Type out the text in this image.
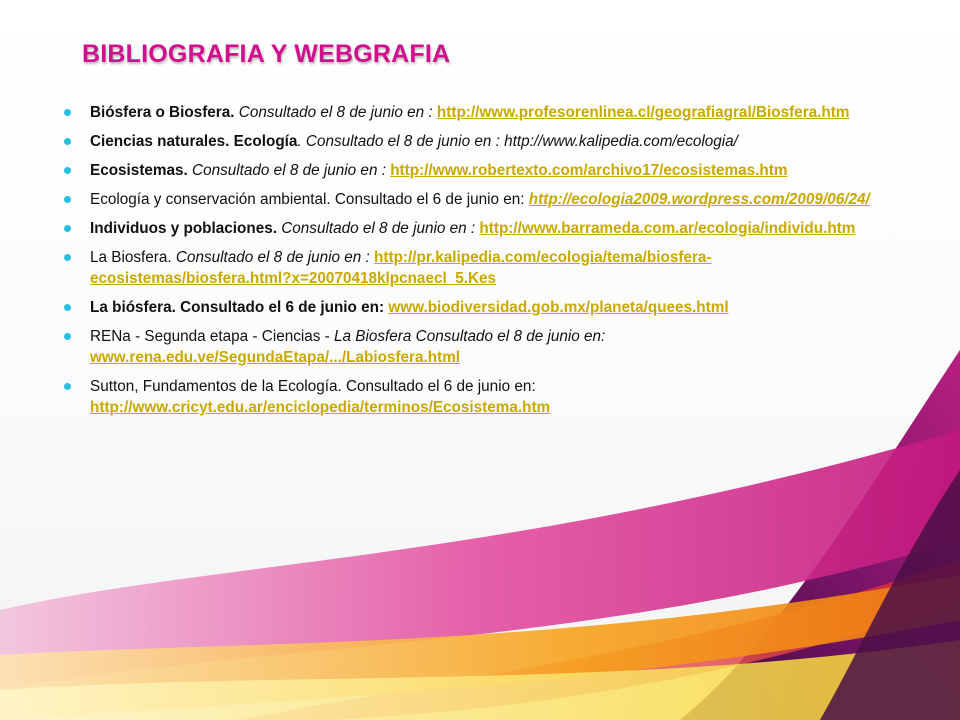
BIBLIOGRAFIA Y WEBGRAFIA
Biósfera o Biosfera. Consultado el 8 de junio en : http://www.profesorenlinea.cl/geografiagral/Biosfera.htm
Ciencias naturales. Ecología. Consultado el 8 de junio en : http://www.kalipedia.com/ecologia/
Ecosistemas. Consultado el 8 de junio en : http://www.robertexto.com/archivo17/ecosistemas.htm
Ecología y conservación ambiental. Consultado el 6 de junio en: http://ecologia2009.wordpress.com/2009/06/24/
Individuos y poblaciones. Consultado el 8 de junio en : http://www.barrameda.com.ar/ecologia/individu.htm
La Biosfera. Consultado el 8 de junio en : http://pr.kalipedia.com/ecologia/tema/biosfera-ecosistemas/biosfera.html?x=20070418klpcnaecl_5.Kes
La biósfera. Consultado el 6 de junio en: www.biodiversidad.gob.mx/planeta/quees.html
RENa - Segunda etapa - Ciencias - La Biosfera Consultado el 8 de junio en: www.rena.edu.ve/SegundaEtapa/.../Labiosfera.html
Sutton, Fundamentos de la Ecología. Consultado el 6 de junio en: http://www.cricyt.edu.ar/enciclopedia/terminos/Ecosistema.htm
